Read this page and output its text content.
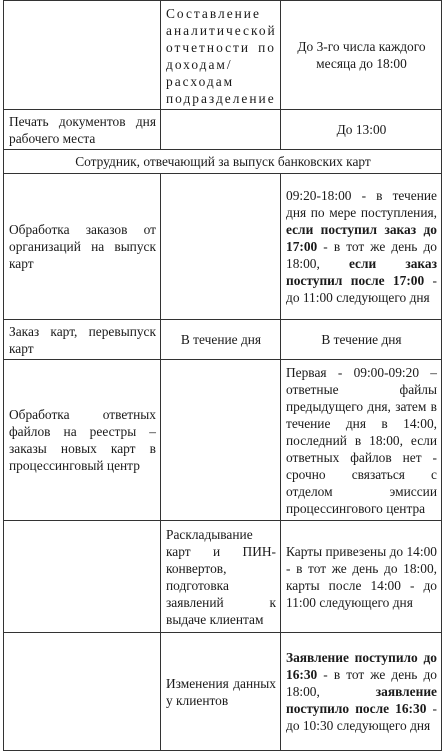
	Составление аналитической отчетности по доходам/расходам подразделение	До 3-го числа каждого месяца до 18:00
Печать документов дня рабочего места		До 13:00
Сотрудник, отвечающий за выпуск банковских карт		
Обработка заказов от организаций на выпуск карт		09:20-18:00 - в течение дня по мере поступления, если поступил заказ до 17:00 - в тот же день до 18:00, если заказ поступил после 17:00 - до 11:00 следующего дня
Заказ карт, перевыпуск карт	В течение дня	В течение дня
Обработка ответных файлов на реестры – заказы новых карт в процессинговый центр		Первая - 09:00-09:20 – ответные файлы предыдущего дня, затем в течение дня в 14:00, последний в 18:00, если ответных файлов нет - срочно связаться с отделом эмиссии процессингового центра
	Раскладывание карт и ПИН-конвертов, подготовка заявлений к выдаче клиентам	Карты привезены до 14:00 - в тот же день до 18:00, карты после 14:00 - до 11:00 следующего дня
	Изменения данных у клиентов	Заявление поступило до 16:30 - в тот же день до 18:00, заявление поступило после 16:30 - до 10:30 следующего дня
